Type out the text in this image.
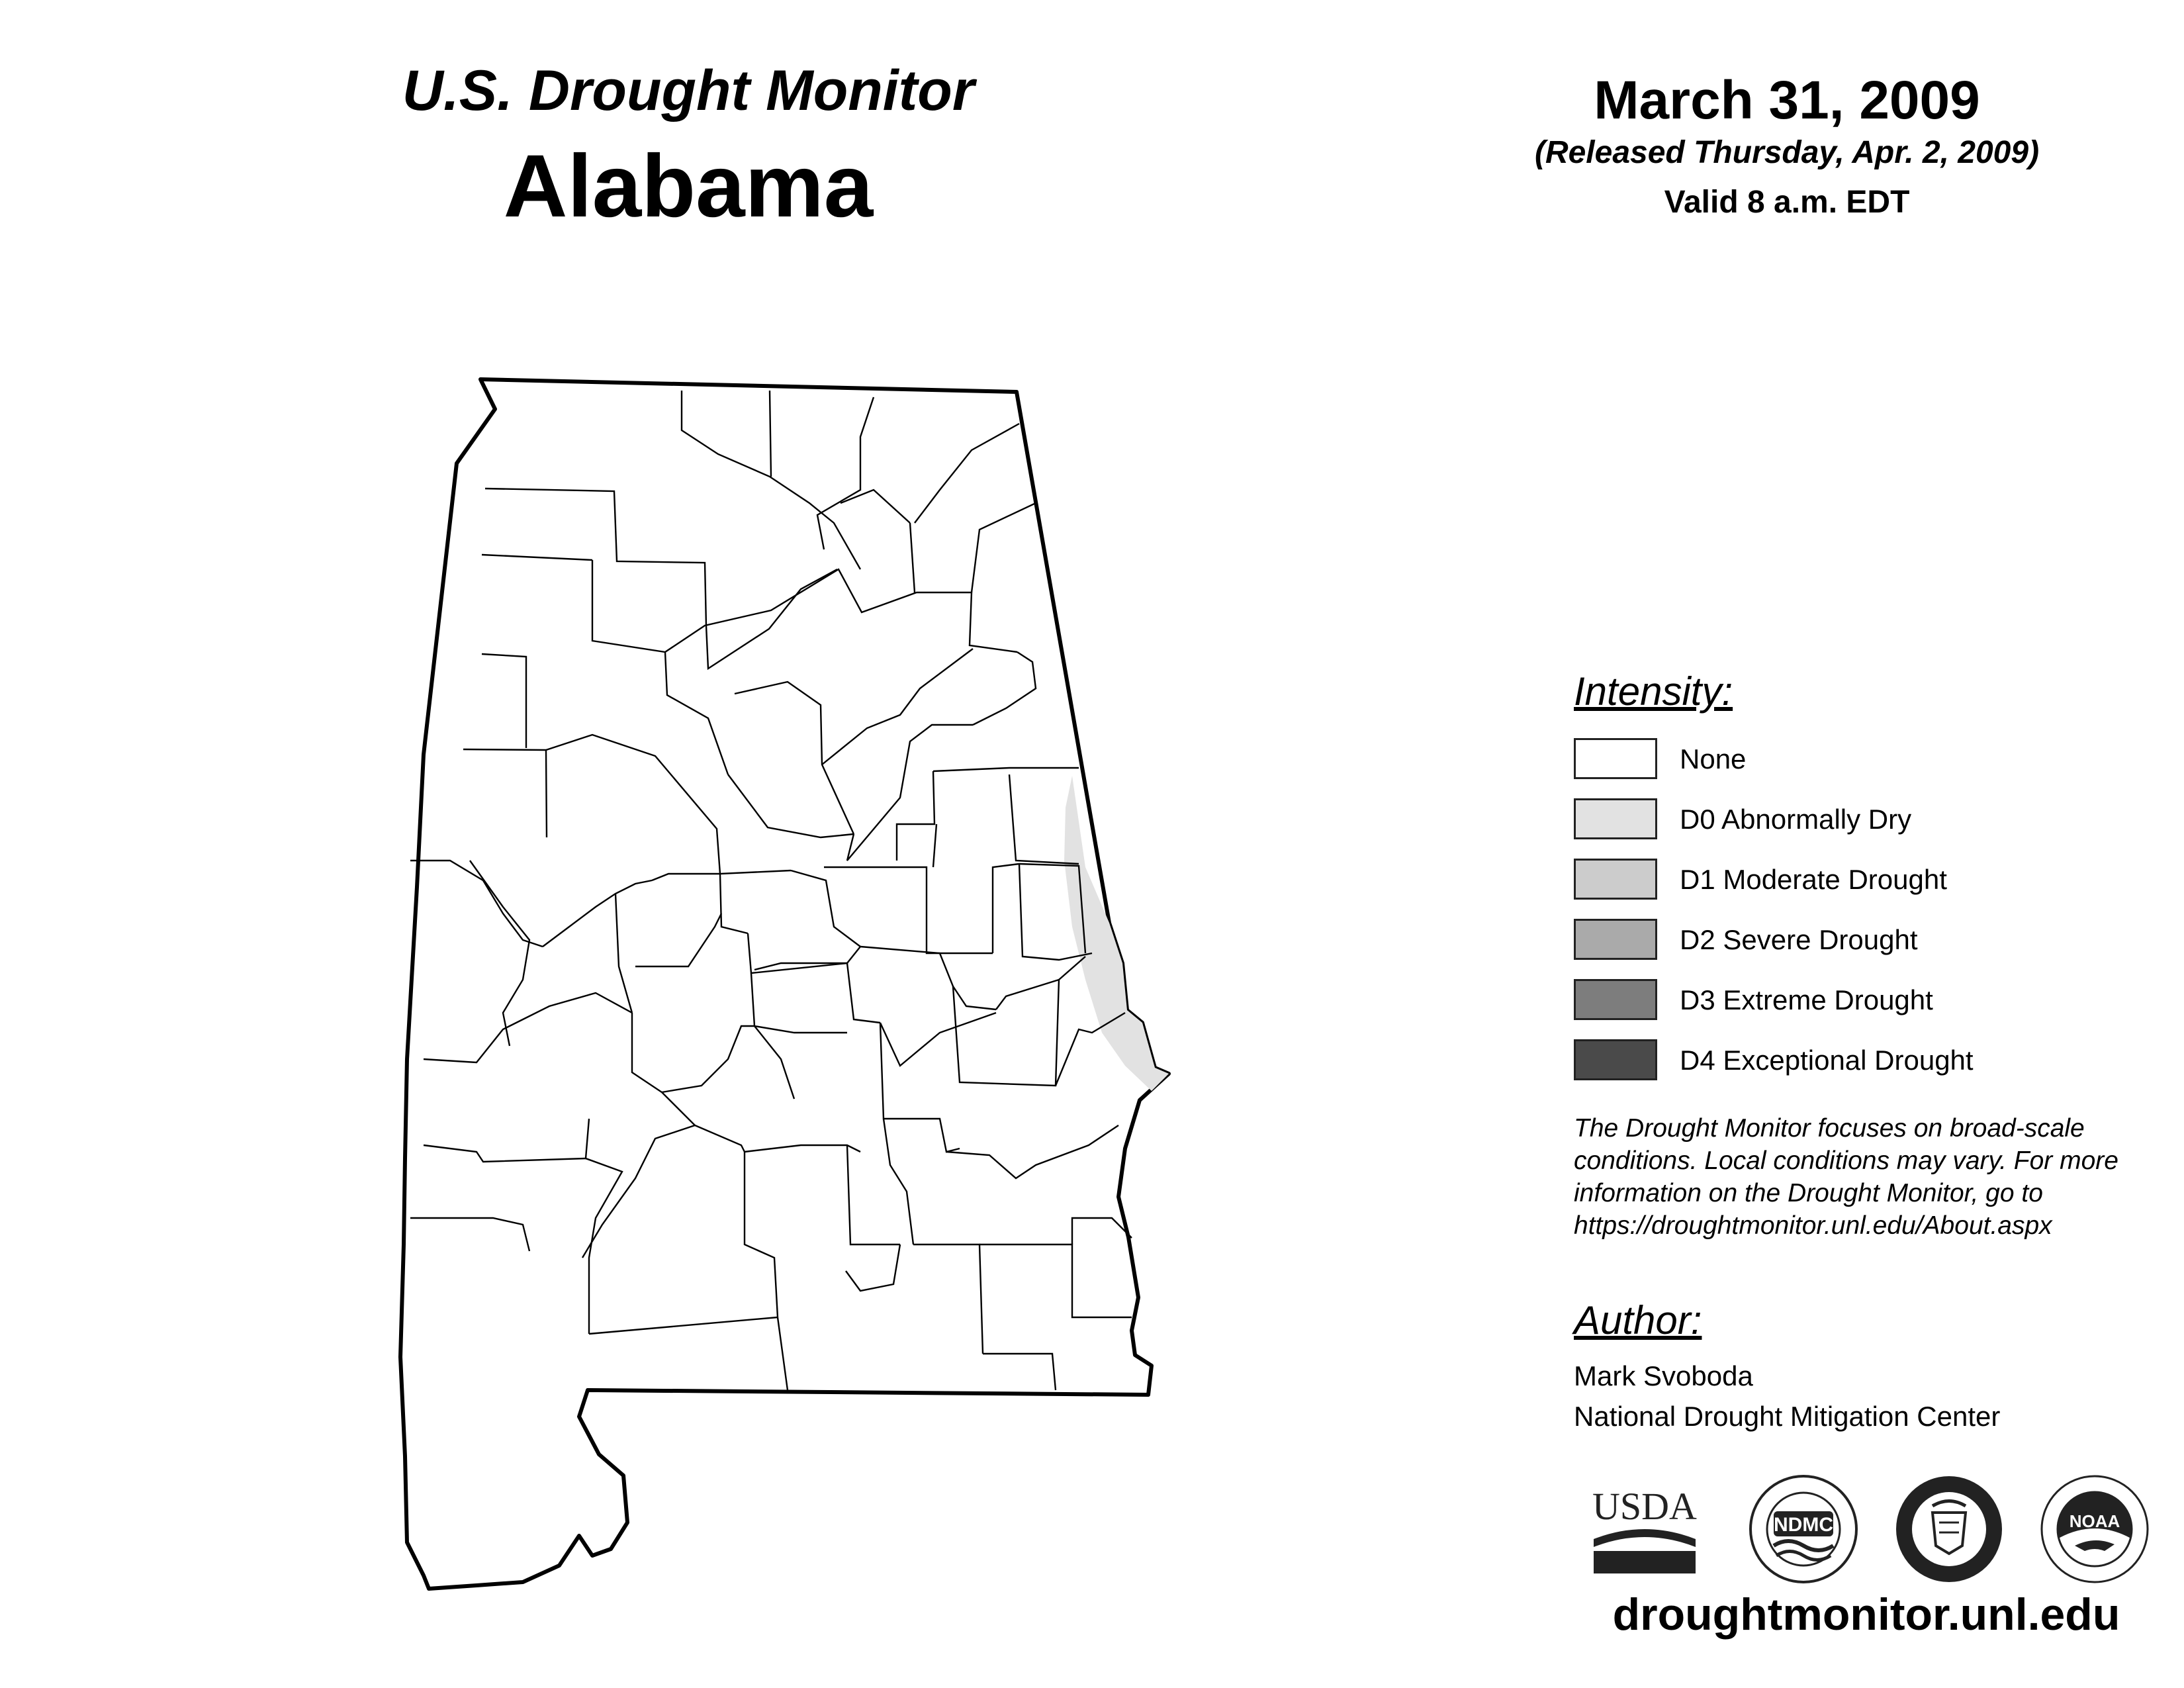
U.S. Drought Monitor
Alabama
March 31, 2009
(Released Thursday, Apr. 2, 2009)
Valid 8 a.m. EDT
Intensity:
None
D0 Abnormally Dry
D1 Moderate Drought
D2 Severe Drought
D3 Extreme Drought
D4 Exceptional Drought
The Drought Monitor focuses on broad-scale conditions. Local conditions may vary. For more information on the Drought Monitor, go to https://droughtmonitor.unl.edu/About.aspx
Author:
Mark Svoboda
National Drought Mitigation Center
USDA	NDMC	NOAA
droughtmonitor.unl.edu
